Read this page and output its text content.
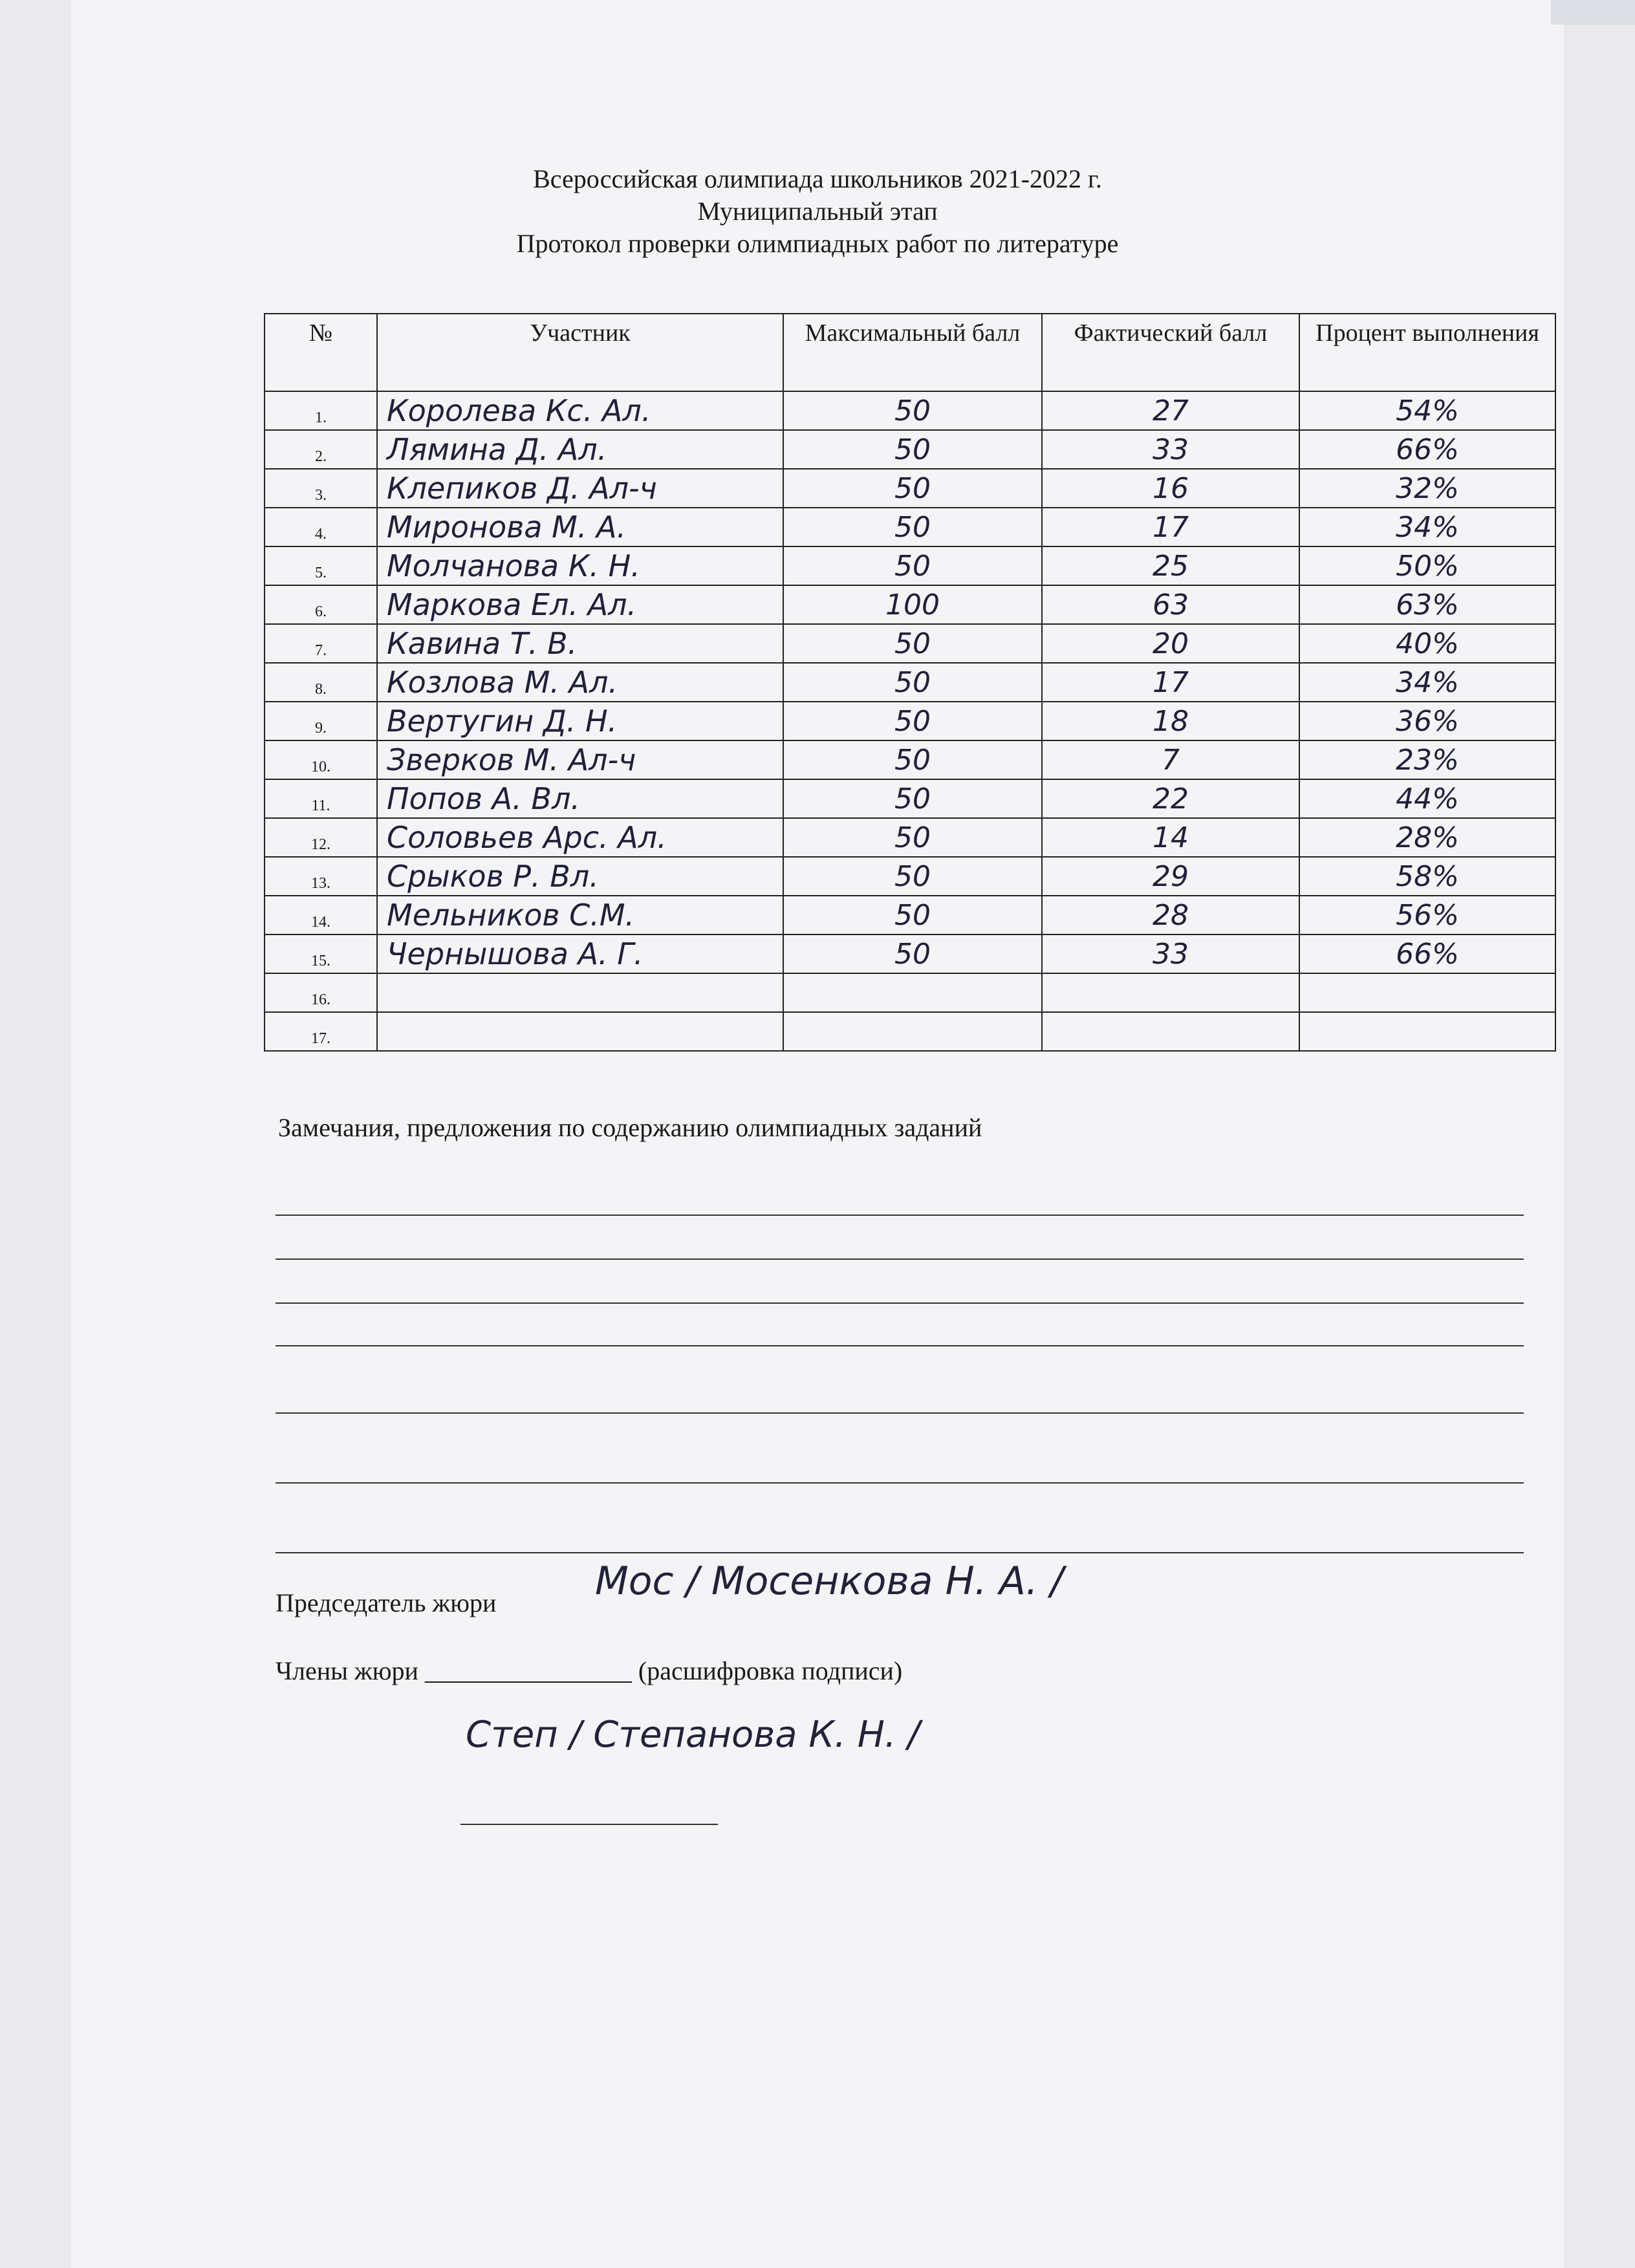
Всероссийская олимпиада школьников 2021-2022 г.
Муниципальный этап
Протокол проверки олимпиадных работ по литературе
№	Участник	Максимальный балл	Фактический балл	Процент выполнения
1.	Королева Кс. Ал.	50	27	54%
2.	Лямина Д. Ал.	50	33	66%
3.	Клепиков Д. Ал-ч	50	16	32%
4.	Миронова М. А.	50	17	34%
5.	Молчанова К. Н.	50	25	50%
6.	Маркова Ел. Ал.	100	63	63%
7.	Кавина Т. В.	50	20	40%
8.	Козлова М. Ал.	50	17	34%
9.	Вертугин Д. Н.	50	18	36%
10.	Зверков М. Ал-ч	50	7	23%
11.	Попов А. Вл.	50	22	44%
12.	Соловьев Арс. Ал.	50	14	28%
13.	Срыков Р. Вл.	50	29	58%
14.	Мельников С.М.	50	28	56%
15.	Чернышова А. Г.	50	33	66%
16.				
17.				
Замечания, предложения по содержанию олимпиадных заданий
Председатель жюри	Мос / Мосенкова Н. А. /
Члены жюри ________________ (расшифровка подписи)
Степ / Степанова К. Н. /
